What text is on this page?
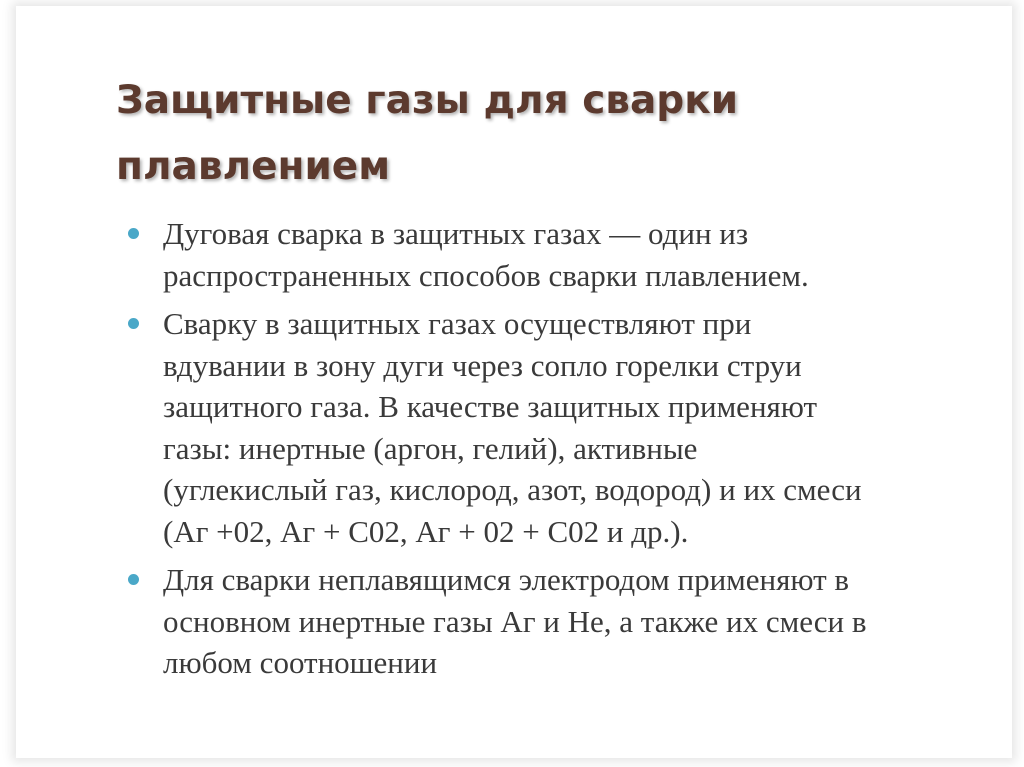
Защитные газы для сварки
плавлением
Дуговая сварка в защитных газах — один из
распространенных способов сварки плавлением.
Сварку в защитных газах осуществляют при
вдувании в зону дуги через сопло горелки струи
защитного газа. В качестве защитных применяют
газы: инертные (аргон, гелий), активные
(углекислый газ, кислород, азот, водород) и их смеси
(Аг +02, Аг + С02, Аг + 02 + С02 и др.).
Для сварки неплавящимся электродом применяют в
основном инертные газы Аг и Не, а также их смеси в
любом соотношении
